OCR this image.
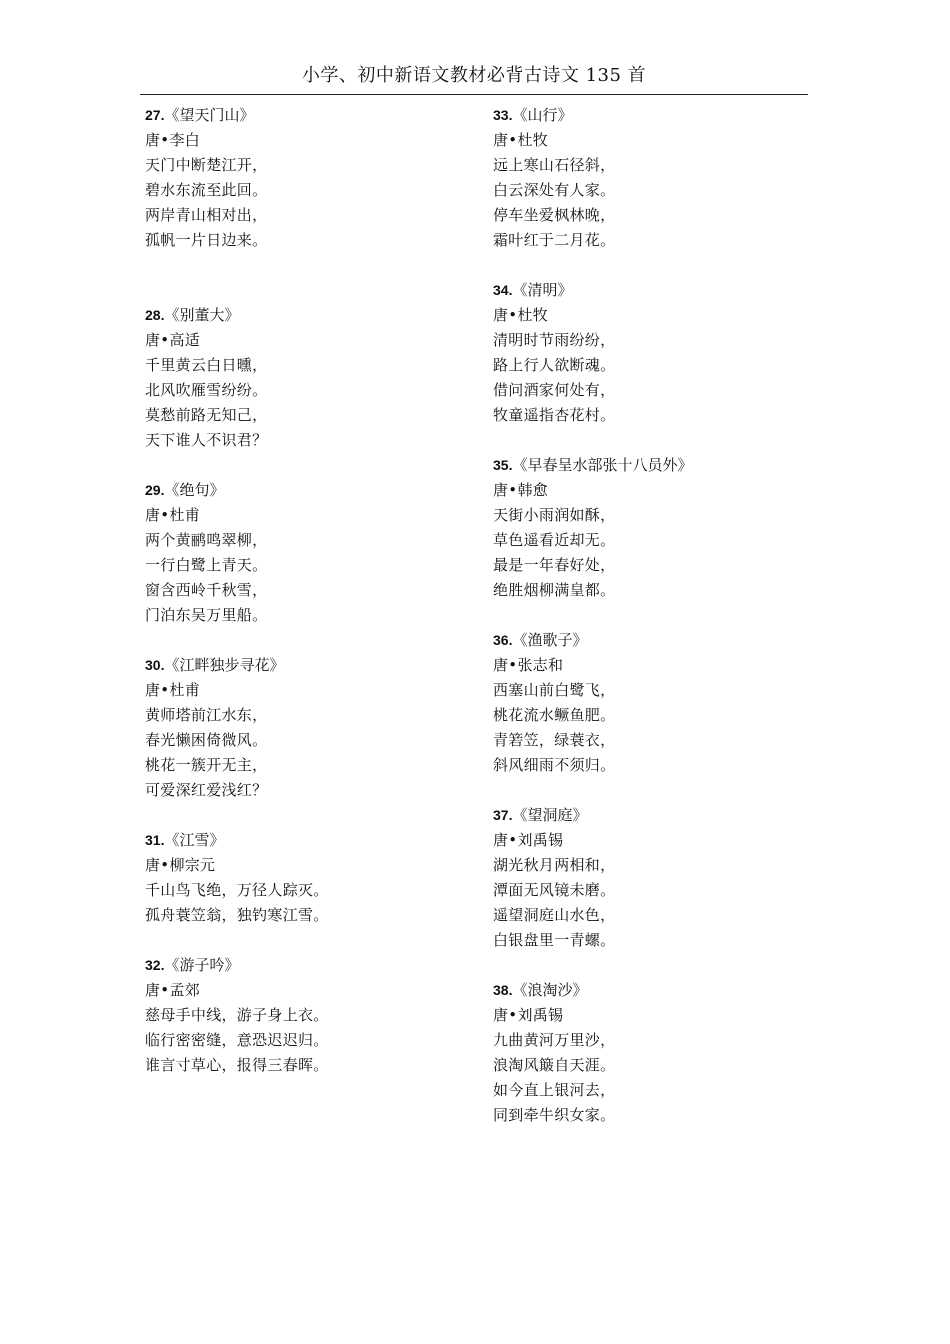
小学、初中新语文教材必背古诗文 135 首
27.《望天门山》
唐•李白
天门中断楚江开，
碧水东流至此回。
两岸青山相对出，
孤帆一片日边来。
28.《别董大》
唐•高适
千里黄云白日曛，
北风吹雁雪纷纷。
莫愁前路无知己，
天下谁人不识君？
29.《绝句》
唐•杜甫
两个黄鹂鸣翠柳，
一行白鹭上青天。
窗含西岭千秋雪，
门泊东吴万里船。
30.《江畔独步寻花》
唐•杜甫
黄师塔前江水东，
春光懒困倚微风。
桃花一簇开无主，
可爱深红爱浅红？
31.《江雪》
唐•柳宗元
千山鸟飞绝，万径人踪灭。
孤舟蓑笠翁，独钓寒江雪。
32.《游子吟》
唐•孟郊
慈母手中线，游子身上衣。
临行密密缝，意恐迟迟归。
谁言寸草心，报得三春晖。
33.《山行》
唐•杜牧
远上寒山石径斜，
白云深处有人家。
停车坐爱枫林晚，
霜叶红于二月花。
34.《清明》
唐•杜牧
清明时节雨纷纷，
路上行人欲断魂。
借问酒家何处有，
牧童遥指杏花村。
35.《早春呈水部张十八员外》
唐•韩愈
天街小雨润如酥，
草色遥看近却无。
最是一年春好处，
绝胜烟柳满皇都。
36.《渔歌子》
唐•张志和
西塞山前白鹭飞，
桃花流水鳜鱼肥。
青箬笠，绿蓑衣，
斜风细雨不须归。
37.《望洞庭》
唐•刘禹锡
湖光秋月两相和，
潭面无风镜未磨。
遥望洞庭山水色，
白银盘里一青螺。
38.《浪淘沙》
唐•刘禹锡
九曲黄河万里沙，
浪淘风簸自天涯。
如今直上银河去，
同到牵牛织女家。
